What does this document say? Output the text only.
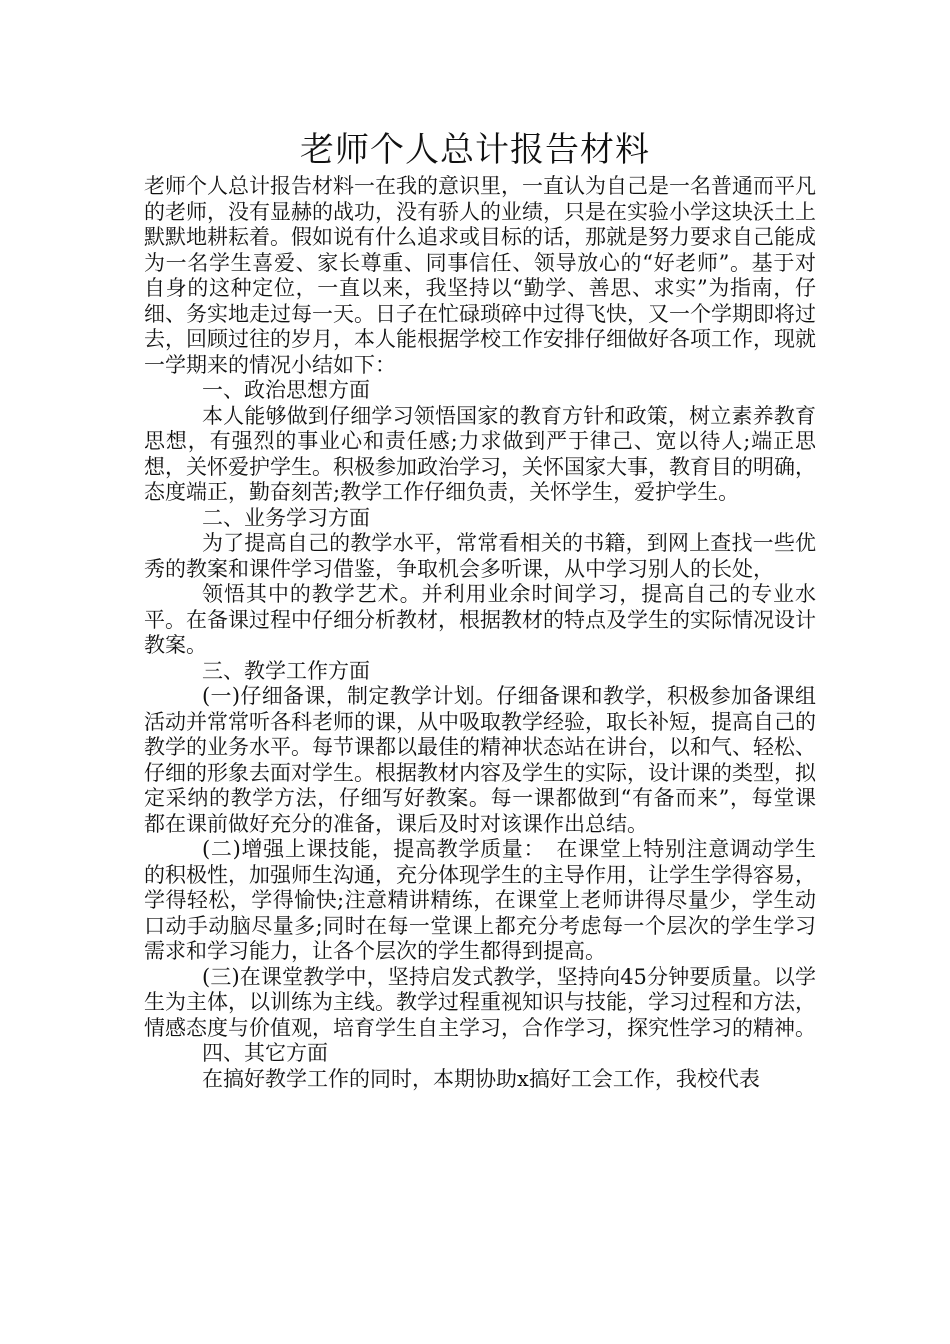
老师个人总计报告材料

老师个人总计报告材料一在我的意识里，一直认为自己是一名普通而平凡的老师，没有显赫的战功，没有骄人的业绩，只是在实验小学这块沃土上默默地耕耘着。假如说有什么追求或目标的话，那就是努力要求自己能成为一名学生喜爱、家长尊重、同事信任、领导放心的“好老师”。基于对自身的这种定位，一直以来，我坚持以“勤学、善思、求实”为指南，仔细、务实地走过每一天。日子在忙碌琐碎中过得飞快，又一个学期即将过去，回顾过往的岁月，本人能根据学校工作安排仔细做好各项工作，现就一学期来的情况小结如下：

一、政治思想方面

本人能够做到仔细学习领悟国家的教育方针和政策，树立素养教育思想，有强烈的事业心和责任感;力求做到严于律己、宽以待人;端正思想，关怀爱护学生。积极参加政治学习，关怀国家大事，教育目的明确，态度端正，勤奋刻苦;教学工作仔细负责，关怀学生，爱护学生。

二、业务学习方面

为了提高自己的教学水平，常常看相关的书籍，到网上查找一些优秀的教案和课件学习借鉴，争取机会多听课，从中学习别人的长处，

领悟其中的教学艺术。并利用业余时间学习，提高自己的专业水平。在备课过程中仔细分析教材，根据教材的特点及学生的实际情况设计教案。

三、教学工作方面

(一)仔细备课，制定教学计划。仔细备课和教学，积极参加备课组活动并常常听各科老师的课，从中吸取教学经验，取长补短，提高自己的教学的业务水平。每节课都以最佳的精神状态站在讲台，以和气、轻松、仔细的形象去面对学生。根据教材内容及学生的实际，设计课的类型，拟定采纳的教学方法，仔细写好教案。每一课都做到“有备而来”，每堂课都在课前做好充分的准备，课后及时对该课作出总结。

(二)增强上课技能，提高教学质量：　在课堂上特别注意调动学生的积极性，加强师生沟通，充分体现学生的主导作用，让学生学得容易，学得轻松，学得愉快;注意精讲精练，在课堂上老师讲得尽量少，学生动口动手动脑尽量多;同时在每一堂课上都充分考虑每一个层次的学生学习需求和学习能力，让各个层次的学生都得到提高。

(三)在课堂教学中，坚持启发式教学，坚持向45分钟要质量。以学生为主体，以训练为主线。教学过程重视知识与技能，学习过程和方法，情感态度与价值观，培育学生自主学习，合作学习，探究性学习的精神。

四、其它方面

在搞好教学工作的同时，本期协助x搞好工会工作，我校代表
